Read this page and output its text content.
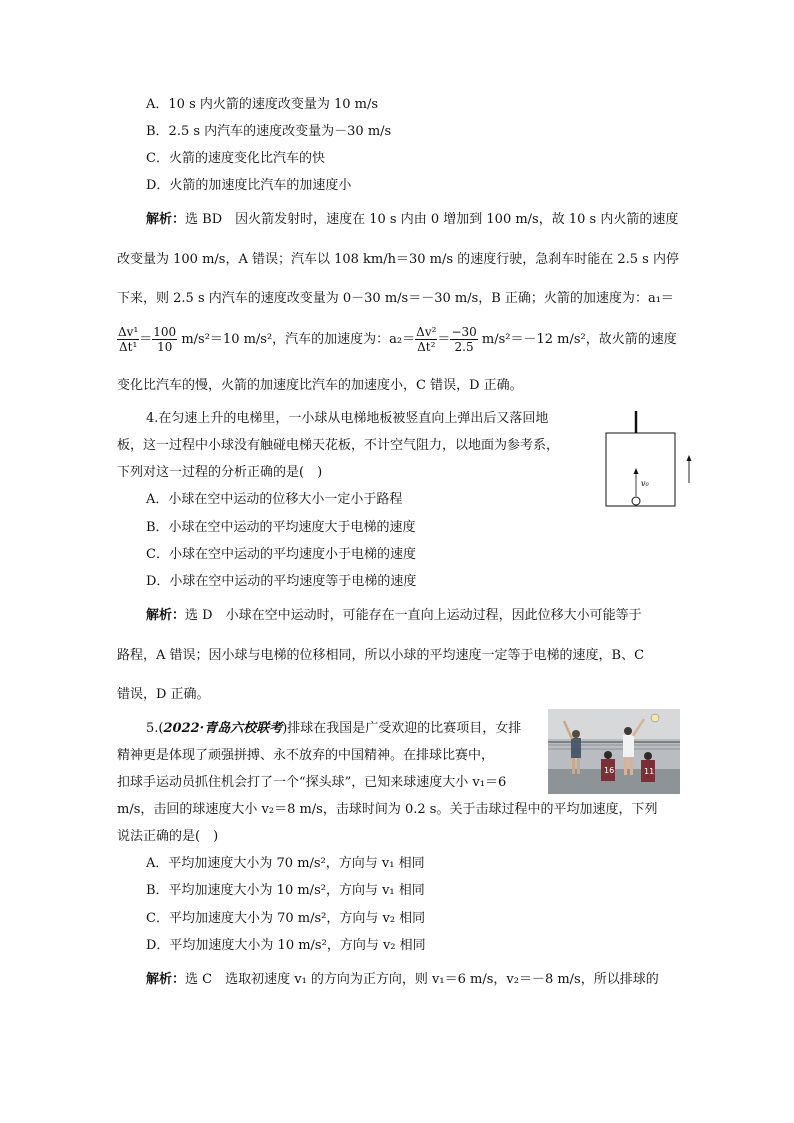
A．10 s 内火箭的速度改变量为 10 m/s
B．2.5 s 内汽车的速度改变量为－30 m/s
C．火箭的速度变化比汽车的快
D．火箭的加速度比汽车的加速度小
解析：选 BD　因火箭发射时，速度在 10 s 内由 0 增加到 100 m/s，故 10 s 内火箭的速度
改变量为 100 m/s，A 错误；汽车以 108 km/h＝30 m/s 的速度行驶，急刹车时能在 2.5 s 内停
下来，则 2.5 s 内汽车的速度改变量为 0－30 m/s＝－30 m/s，B 正确；火箭的加速度为：a₁＝
$\frac{\text{Δv¹}}{\text{Δt¹}} = \frac{100}{10} m/s^2=10$ m/s²，汽车的加速度为：$a_2= \frac{\text{Δv²}}{\text{Δt²}} = \frac{-30}{2.5} m/s^2=-12$ m/s²，故火箭的速度
变化比汽车的慢，火箭的加速度比汽车的加速度小，C 错误，D 正确。
4.在匀速上升的电梯里，一小球从电梯地板被竖直向上弹出后又落回地
板，这一过程中小球没有触碰电梯天花板，不计空气阻力，以地面为参考系，
下列对这一过程的分析正确的是(　)
A．小球在空中运动的位移大小一定小于路程
B．小球在空中运动的平均速度大于电梯的速度
C．小球在空中运动的平均速度小于电梯的速度
D．小球在空中运动的平均速度等于电梯的速度
v₀
解析：选 D　小球在空中运动时，可能存在一直向上运动过程，因此位移大小可能等于
路程，A 错误；因小球与电梯的位移相同，所以小球的平均速度一定等于电梯的速度，B、C
错误，D 正确。
5.(2022·青岛六校联考)排球在我国是广受欢迎的比赛项目，女排
精神更是体现了顽强拼搏、永不放弃的中国精神。在排球比赛中，
扣球手运动员抓住机会打了一个“探头球”，已知来球速度大小 v₁＝6
m/s，击回的球速度大小 v₂＝8 m/s，击球时间为 0.2 s。关于击球过程中的平均加速度，下列
说法正确的是(　)
A．平均加速度大小为 70 m/s²，方向与 v₁ 相同
B．平均加速度大小为 10 m/s²，方向与 v₁ 相同
C．平均加速度大小为 70 m/s²，方向与 v₂ 相同
D．平均加速度大小为 10 m/s²，方向与 v₂ 相同
16	11
解析：选 C　选取初速度 v₁ 的方向为正方向，则 v₁＝6 m/s，v₂＝－8 m/s，所以排球的
